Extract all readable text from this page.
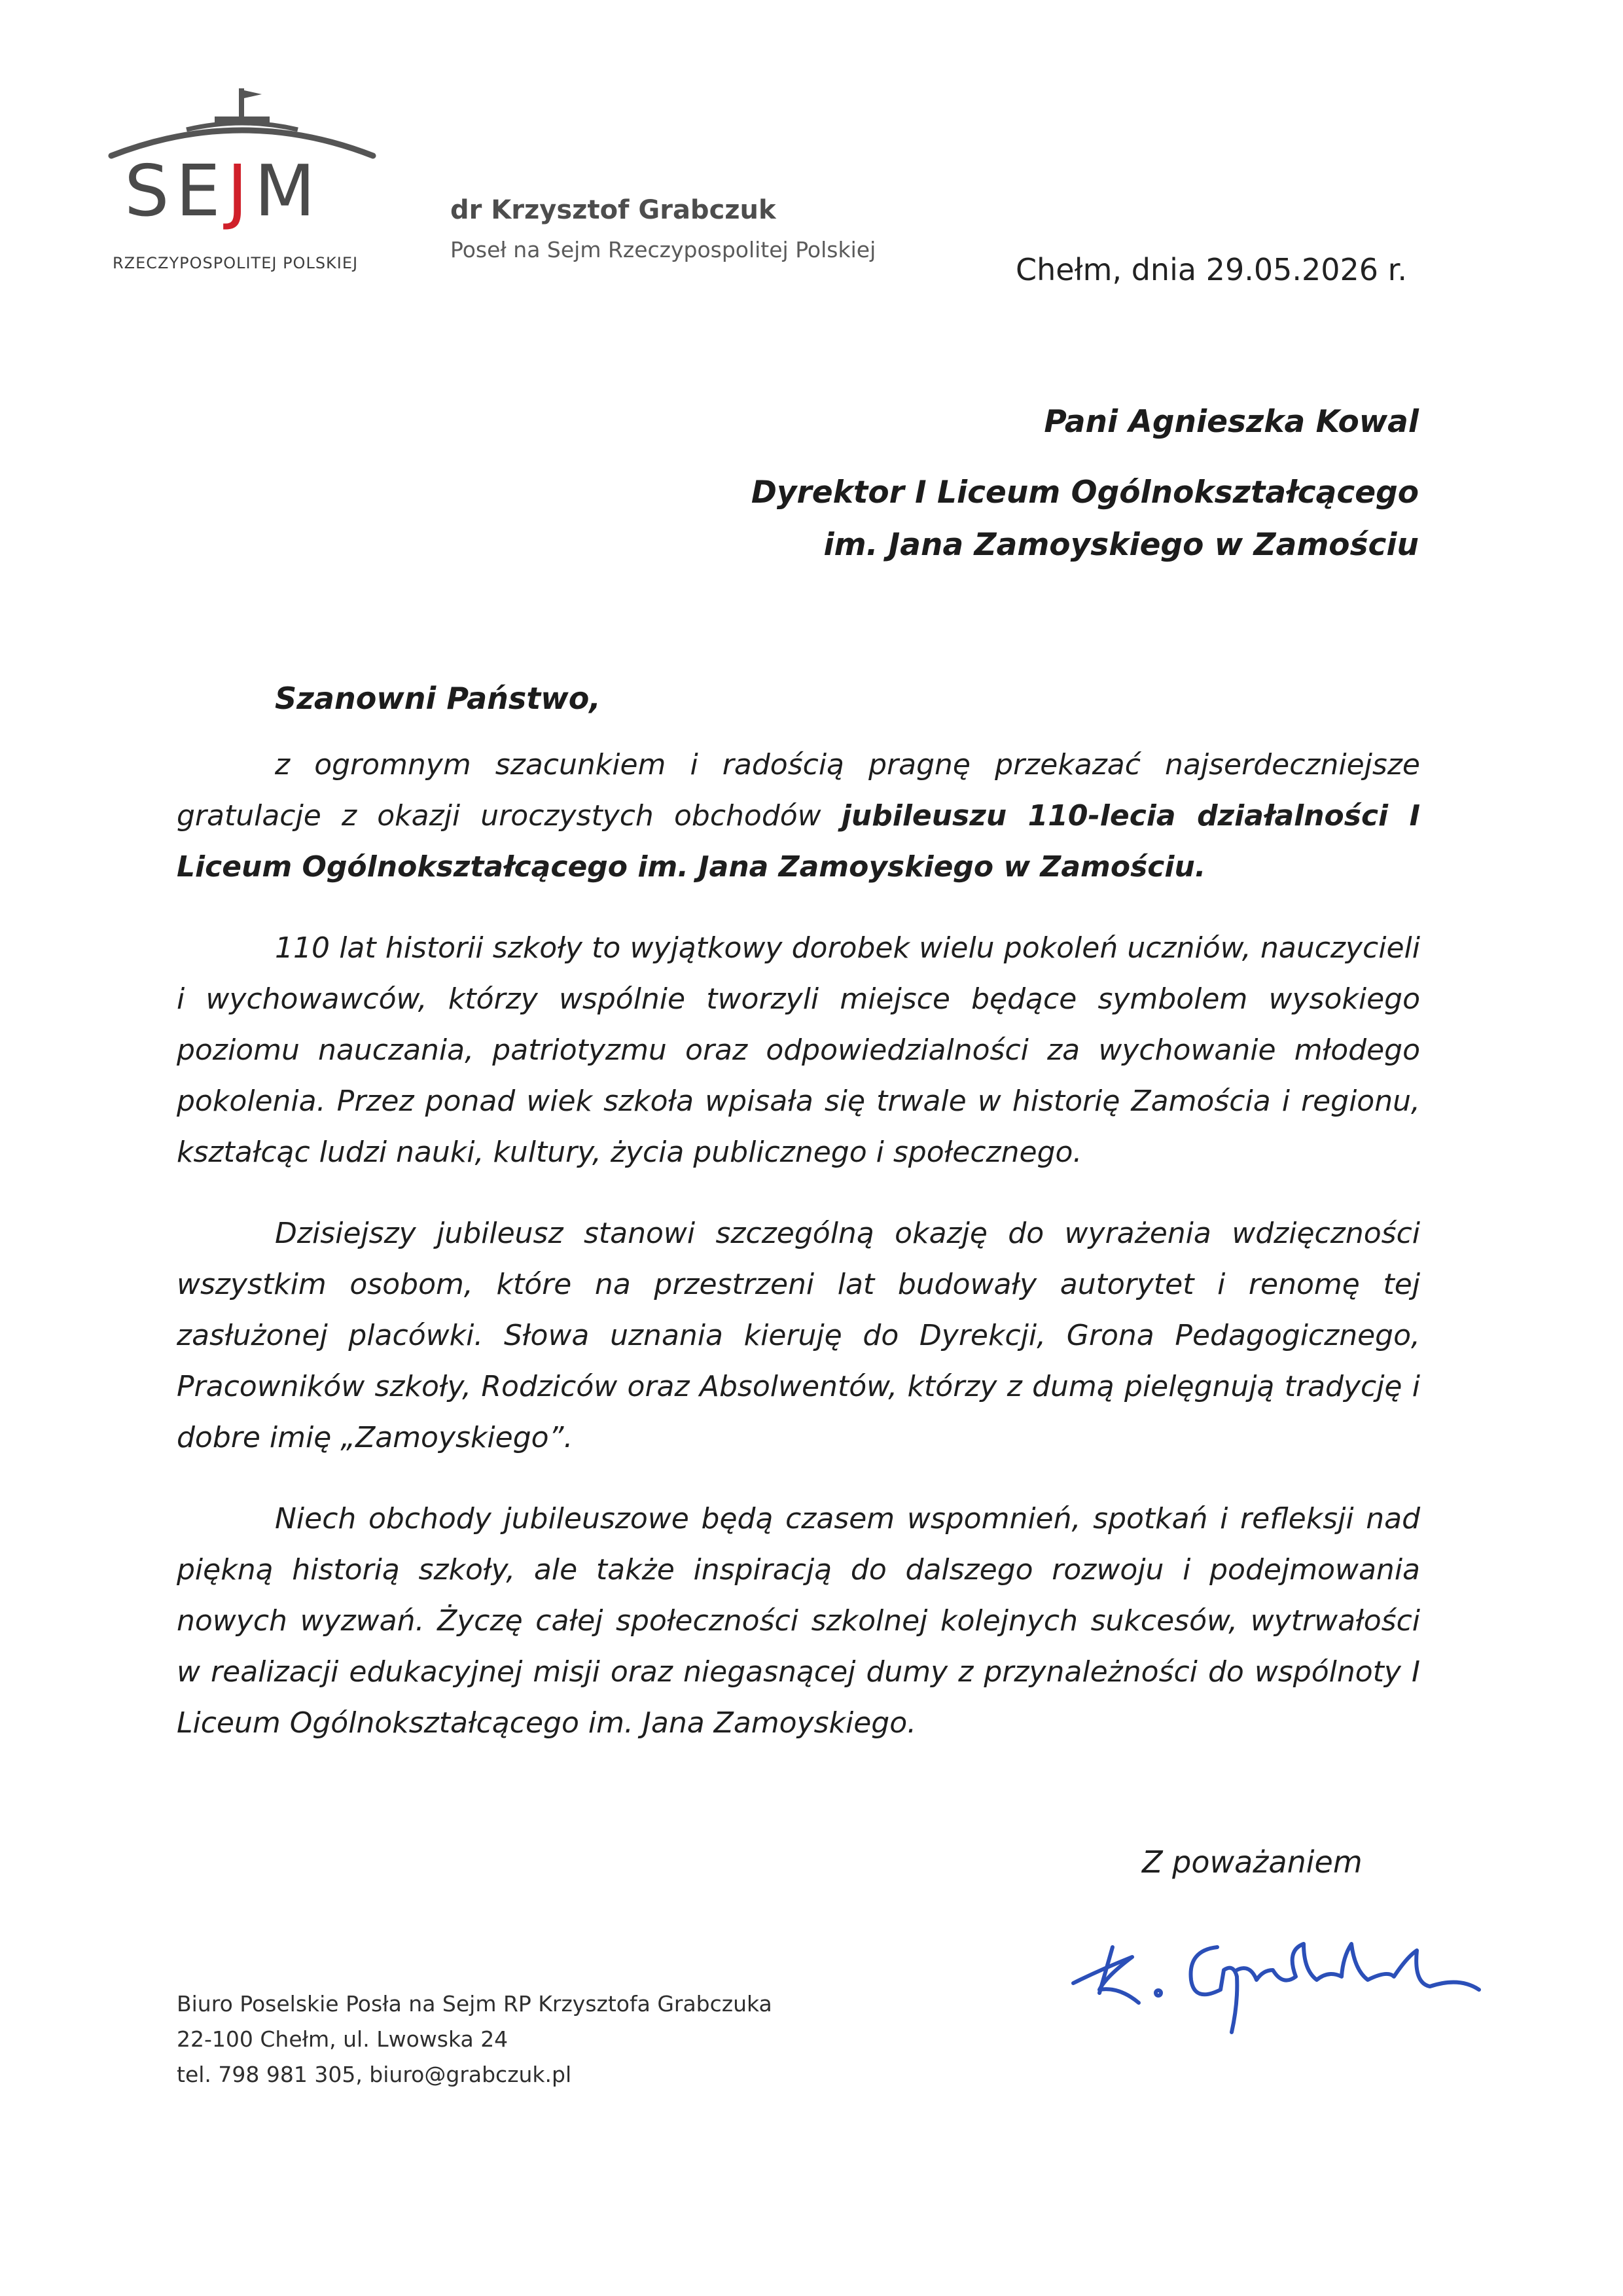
SEJM
RZECZYPOSPOLITEJ POLSKIEJ
dr Krzysztof Grabczuk
Poseł na Sejm Rzeczypospolitej Polskiej
Chełm, dnia 29.05.2026 r.
Pani Agnieszka Kowal
Dyrektor I Liceum Ogólnokształcącego
im. Jana Zamoyskiego w Zamościu
Szanowni Państwo,

z ogromnym szacunkiem i radością pragnę przekazać najserdeczniejsze gratulacje z okazji uroczystych obchodów jubileuszu 110-lecia działalności I Liceum Ogólnokształcącego im. Jana Zamoyskiego w Zamościu.

110 lat historii szkoły to wyjątkowy dorobek wielu pokoleń uczniów, nauczycieli i wychowawców, którzy wspólnie tworzyli miejsce będące symbolem wysokiego poziomu nauczania, patriotyzmu oraz odpowiedzialności za wychowanie młodego pokolenia. Przez ponad wiek szkoła wpisała się trwale w historię Zamościa i regionu, kształcąc ludzi nauki, kultury, życia publicznego i społecznego.

Dzisiejszy jubileusz stanowi szczególną okazję do wyrażenia wdzięczności wszystkim osobom, które na przestrzeni lat budowały autorytet i renomę tej zasłużonej placówki. Słowa uznania kieruję do Dyrekcji, Grona Pedagogicznego, Pracowników szkoły, Rodziców oraz Absolwentów, którzy z dumą pielęgnują tradycję i dobre imię „Zamoyskiego”.

Niech obchody jubileuszowe będą czasem wspomnień, spotkań i refleksji nad piękną historią szkoły, ale także inspiracją do dalszego rozwoju i podejmowania nowych wyzwań. Życzę całej społeczności szkolnej kolejnych sukcesów, wytrwałości w realizacji edukacyjnej misji oraz niegasnącej dumy z przynależności do wspólnoty I Liceum Ogólnokształcącego im. Jana Zamoyskiego.

Z poważaniem
Biuro Poselskie Posła na Sejm RP Krzysztofa Grabczuka
22-100 Chełm, ul. Lwowska 24
tel. 798 981 305, biuro@grabczuk.pl
